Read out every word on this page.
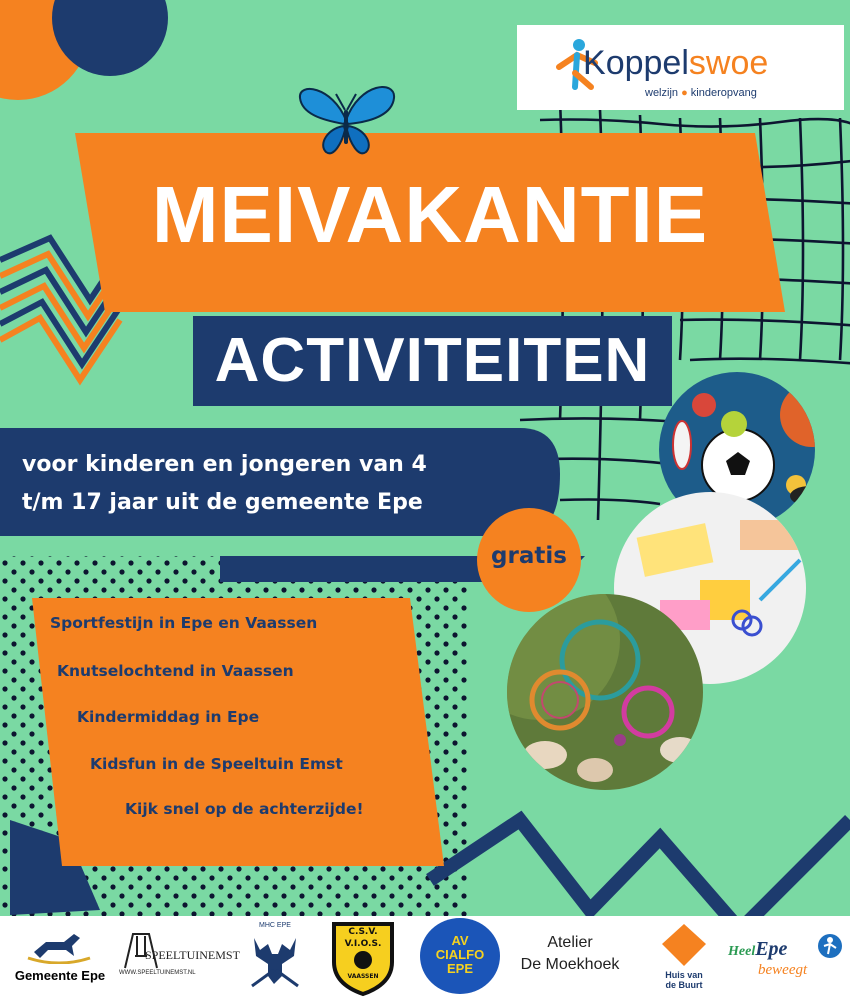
Koppelswoe
welzijn ● kinderopvang
MEIVAKANTIE
ACTIVITEITEN
voor kinderen en jongeren van 4
t/m 17 jaar uit de gemeente Epe
gratis
Sportfestijn in Epe en Vaassen
Knutselochtend in Vaassen
Kindermiddag in Epe
Kidsfun in de Speeltuin Emst
Kijk snel op de achterzijde!
Gemeente Epe
SPEELTUINEMST
WWW.SPEELTUINEMST.NL
MHC EPE
C.S.V.
V.I.O.S.
VAASSEN
AV
CIALFO
EPE
Atelier
De Moekhoek
Huis van
de Buurt
HeelEpe
beweegt
